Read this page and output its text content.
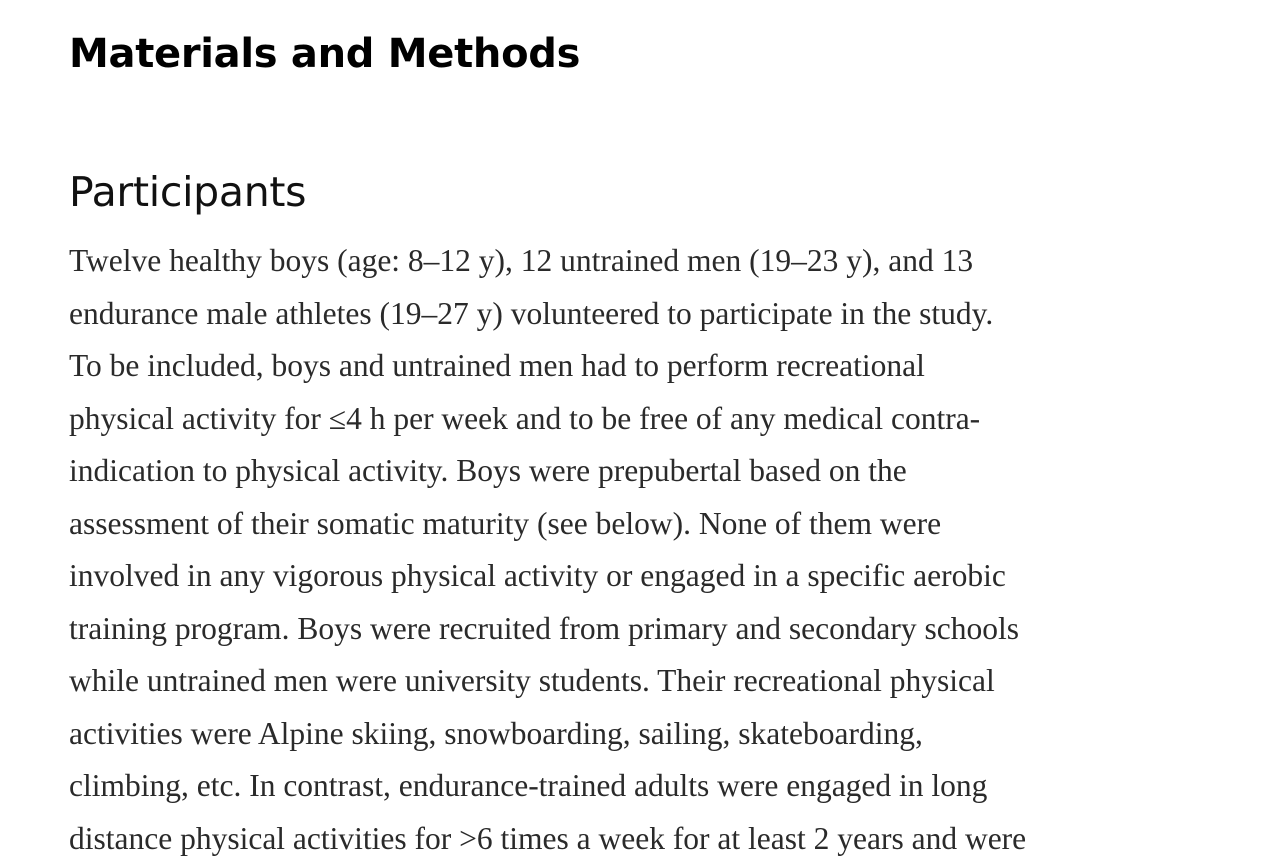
Materials and Methods
Participants

Twelve healthy boys (age: 8–12 y), 12 untrained men (19–23 y), and 13
endurance male athletes (19–27 y) volunteered to participate in the study.
To be included, boys and untrained men had to perform recreational
physical activity for ≤4 h per week and to be free of any medical contra-
indication to physical activity. Boys were prepubertal based on the
assessment of their somatic maturity (see below). None of them were
involved in any vigorous physical activity or engaged in a specific aerobic
training program. Boys were recruited from primary and secondary schools
while untrained men were university students. Their recreational physical
activities were Alpine skiing, snowboarding, sailing, skateboarding,
climbing, etc. In contrast, endurance-trained adults were engaged in long
distance physical activities for >6 times a week for at least 2 years and were
